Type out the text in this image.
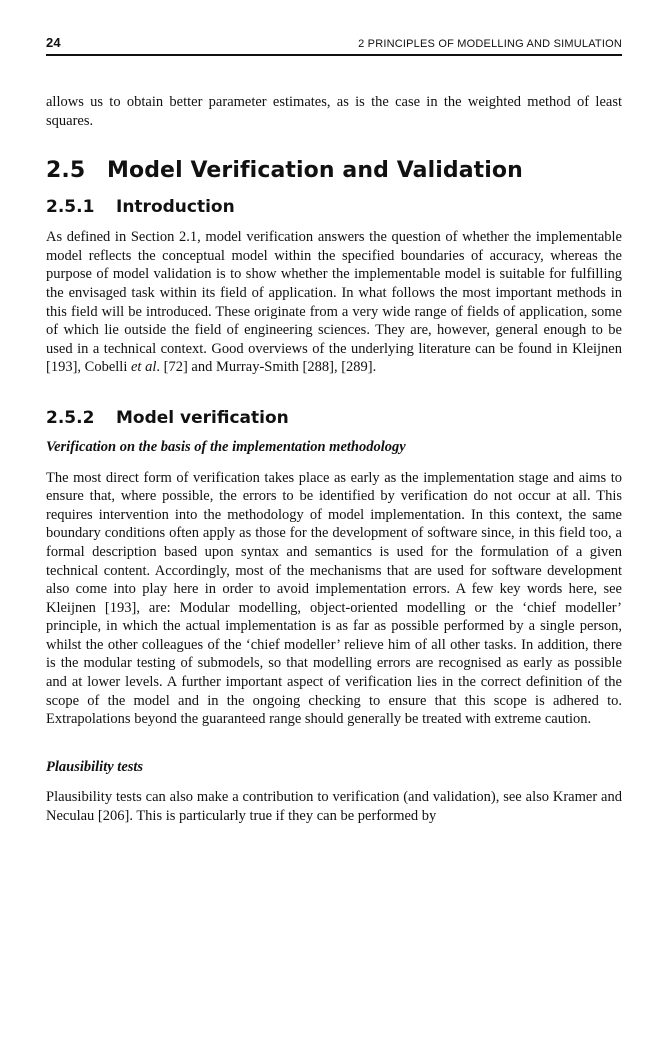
24	2 PRINCIPLES OF MODELLING AND SIMULATION

allows us to obtain better parameter estimates, as is the case in the weighted method of least squares.

2.5 Model Verification and Validation
2.5.1 Introduction

As defined in Section 2.1, model verification answers the question of whether the implementable model reflects the conceptual model within the specified boundaries of accuracy, whereas the purpose of model validation is to show whether the implementable model is suitable for fulfilling the envisaged task within its field of application. In what follows the most important methods in this field will be introduced. These originate from a very wide range of fields of application, some of which lie outside the field of engineering sciences. They are, however, general enough to be used in a technical context. Good overviews of the underlying literature can be found in Kleijnen [193], Cobelli et al. [72] and Murray-Smith [288], [289].

2.5.2 Model verification
Verification on the basis of the implementation methodology

The most direct form of verification takes place as early as the implementation stage and aims to ensure that, where possible, the errors to be identified by verification do not occur at all. This requires intervention into the methodology of model implementation. In this context, the same boundary conditions often apply as those for the development of software since, in this field too, a formal description based upon syntax and semantics is used for the formulation of a given technical content. Accordingly, most of the mechanisms that are used for software development also come into play here in order to avoid implementation errors. A few key words here, see Kleijnen [193], are: Modular modelling, object-oriented modelling or the ‘chief modeller’ principle, in which the actual implementation is as far as possible performed by a single person, whilst the other colleagues of the ‘chief modeller’ relieve him of all other tasks. In addition, there is the modular testing of submodels, so that modelling errors are recognised as early as possible and at lower levels. A further important aspect of verification lies in the correct definition of the scope of the model and in the ongoing checking to ensure that this scope is adhered to. Extrapolations beyond the guaranteed range should generally be treated with extreme caution.

Plausibility tests

Plausibility tests can also make a contribution to verification (and validation), see also Kramer and Neculau [206]. This is particularly true if they can be performed by
